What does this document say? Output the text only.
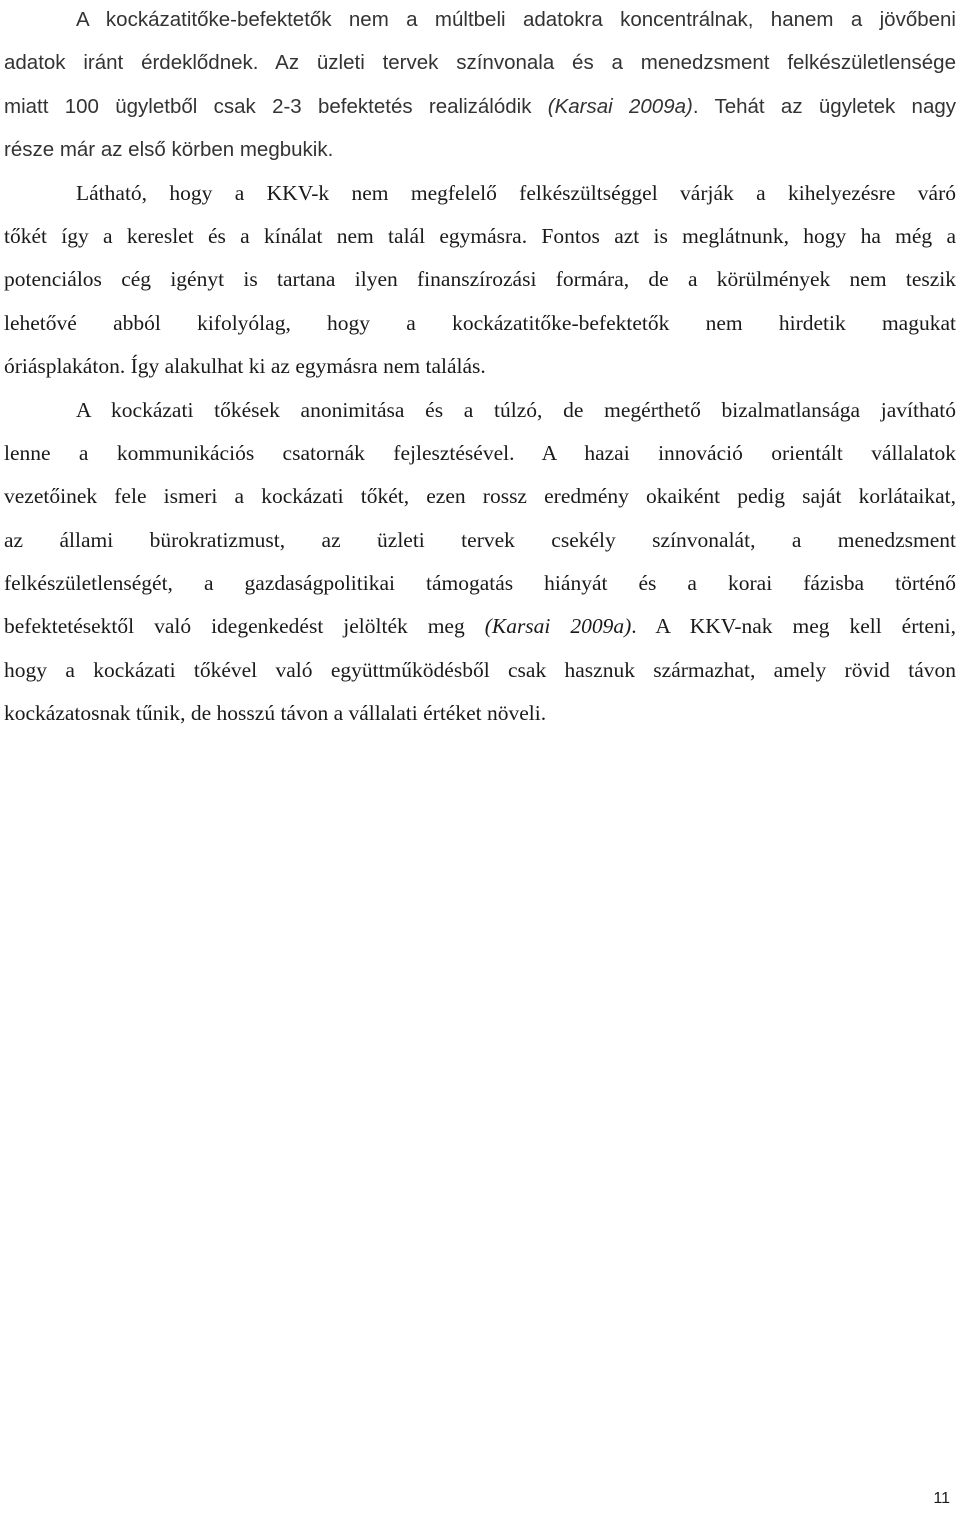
A kockázatitőke-befektetők nem a múltbeli adatokra koncentrálnak, hanem a jövőbeni
adatok iránt érdeklődnek. Az üzleti tervek színvonala és a menedzsment felkészületlensége
miatt 100 ügyletből csak 2-3 befektetés realizálódik (Karsai 2009a). Tehát az ügyletek nagy
része már az első körben megbukik.
Látható, hogy a KKV-k nem megfelelő felkészültséggel várják a kihelyezésre váró
tőkét így a kereslet és a kínálat nem talál egymásra. Fontos azt is meglátnunk, hogy ha még a
potenciálos cég igényt is tartana ilyen finanszírozási formára, de a körülmények nem teszik
lehetővé abból kifolyólag, hogy a kockázatitőke-befektetők nem hirdetik magukat
óriásplakáton. Így alakulhat ki az egymásra nem találás.
A kockázati tőkések anonimitása és a túlzó, de megérthető bizalmatlansága javítható
lenne a kommunikációs csatornák fejlesztésével. A hazai innováció orientált vállalatok
vezetőinek fele ismeri a kockázati tőkét, ezen rossz eredmény okaiként pedig saját korlátaikat,
az állami bürokratizmust, az üzleti tervek csekély színvonalát, a menedzsment
felkészületlenségét, a gazdaságpolitikai támogatás hiányát és a korai fázisba történő
befektetésektől való idegenkedést jelölték meg (Karsai 2009a). A KKV-nak meg kell érteni,
hogy a kockázati tőkével való együttműködésből csak hasznuk származhat, amely rövid távon
kockázatosnak tűnik, de hosszú távon a vállalati értéket növeli.
11
